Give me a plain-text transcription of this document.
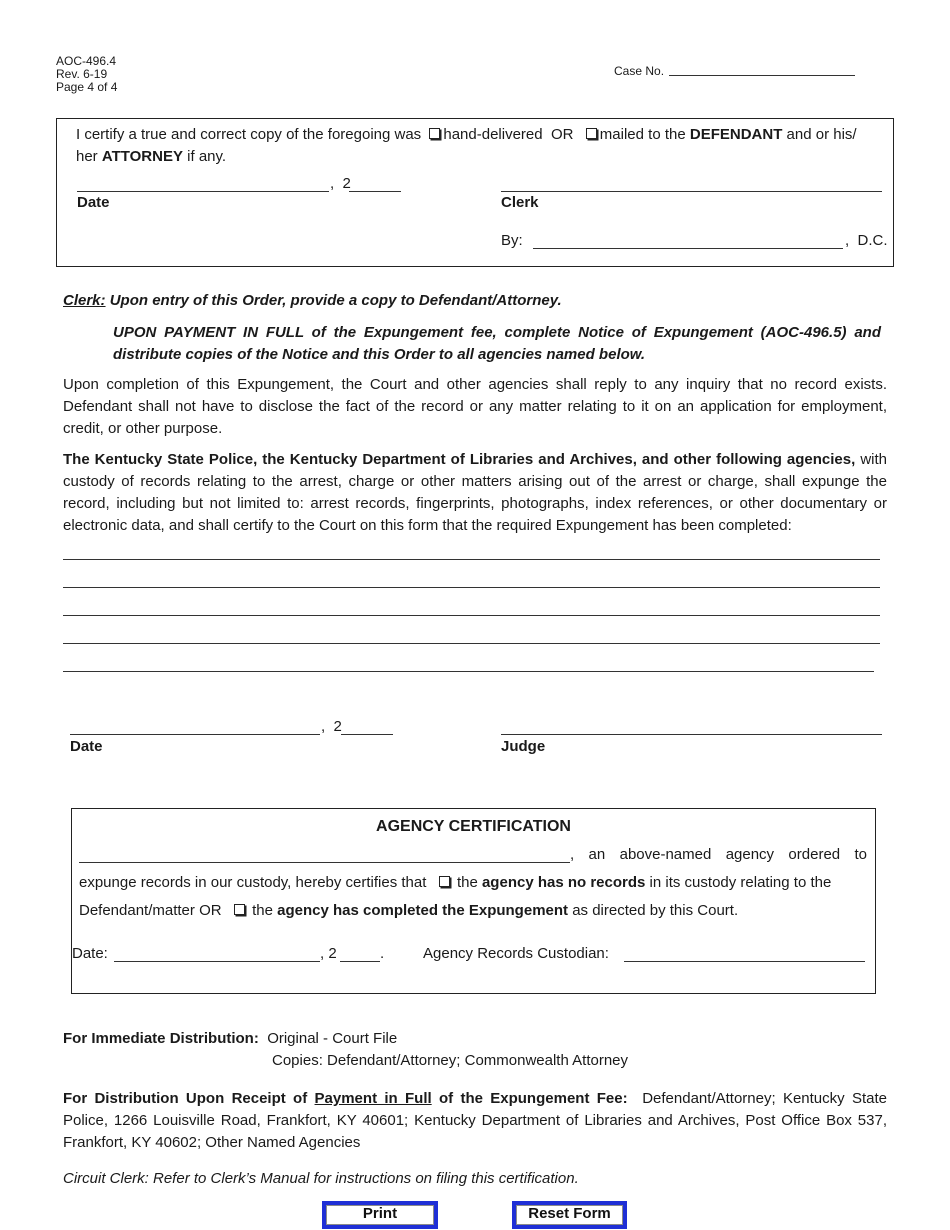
AOC-496.4
Rev. 6-19
Page 4 of 4
Case No.
I certify a true and correct copy of the foregoing was hand-delivered OR mailed to the DEFENDANT and or his/
her ATTORNEY if any.
,  2
Date	Clerk
By:	,  D.C.
Clerk: Upon entry of this Order, provide a copy to Defendant/Attorney.
UPON PAYMENT IN FULL of the Expungement fee, complete Notice of Expungement (AOC-496.5) and distribute copies of the Notice and this Order to all agencies named below.
Upon completion of this Expungement, the Court and other agencies shall reply to any inquiry that no record exists. Defendant shall not have to disclose the fact of the record or any matter relating to it on an application for employment, credit, or other purpose.
The Kentucky State Police, the Kentucky Department of Libraries and Archives, and other following agencies, with custody of records relating to the arrest, charge or other matters arising out of the arrest or charge, shall expunge the record, including but not limited to: arrest records, fingerprints, photographs, index references, or other documentary or electronic data, and shall certify to the Court on this form that the required Expungement has been completed:
,  2
Date	Judge
AGENCY CERTIFICATION
, an above-named agency ordered to
expunge records in our custody, hereby certifies that the agency has no records in its custody relating to the
Defendant/matter OR the agency has completed the Expungement as directed by this Court.
Date:	, 2	.	Agency Records Custodian:
For Immediate Distribution: Original - Court File
Copies: Defendant/Attorney; Commonwealth Attorney
For Distribution Upon Receipt of Payment in Full of the Expungement Fee: Defendant/Attorney; Kentucky State Police, 1266 Louisville Road, Frankfort, KY 40601; Kentucky Department of Libraries and Archives, Post Office Box 537, Frankfort, KY 40602; Other Named Agencies
Circuit Clerk: Refer to Clerk’s Manual for instructions on filing this certification.
Print	Reset Form
